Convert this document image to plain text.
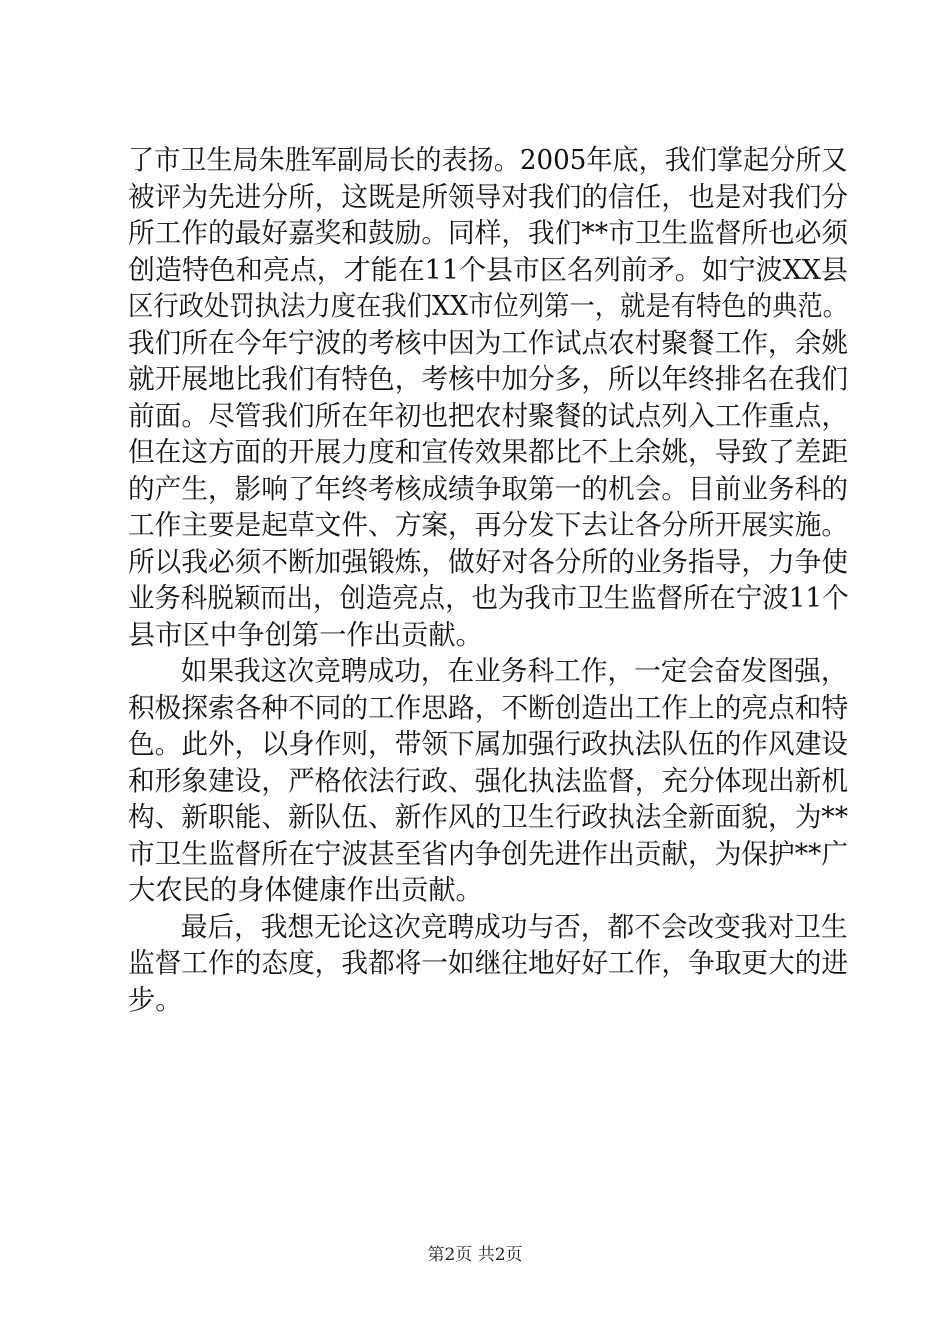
了市卫生局朱胜军副局长的表扬。2005年底，我们掌起分所又
被评为先进分所，这既是所领导对我们的信任，也是对我们分
所工作的最好嘉奖和鼓励。同样，我们**市卫生监督所也必须
创造特色和亮点，才能在11个县市区名列前矛。如宁波XX县
区行政处罚执法力度在我们XX市位列第一，就是有特色的典范。
我们所在今年宁波的考核中因为工作试点农村聚餐工作，余姚
就开展地比我们有特色，考核中加分多，所以年终排名在我们
前面。尽管我们所在年初也把农村聚餐的试点列入工作重点，
但在这方面的开展力度和宣传效果都比不上余姚，导致了差距
的产生，影响了年终考核成绩争取第一的机会。目前业务科的
工作主要是起草文件、方案，再分发下去让各分所开展实施。
所以我必须不断加强锻炼，做好对各分所的业务指导，力争使
业务科脱颖而出，创造亮点，也为我市卫生监督所在宁波11个
县市区中争创第一作出贡献。
如果我这次竞聘成功，在业务科工作，一定会奋发图强，
积极探索各种不同的工作思路，不断创造出工作上的亮点和特
色。此外，以身作则，带领下属加强行政执法队伍的作风建设
和形象建设，严格依法行政、强化执法监督，充分体现出新机
构、新职能、新队伍、新作风的卫生行政执法全新面貌，为**
市卫生监督所在宁波甚至省内争创先进作出贡献，为保护**广
大农民的身体健康作出贡献。
最后，我想无论这次竞聘成功与否，都不会改变我对卫生
监督工作的态度，我都将一如继往地好好工作，争取更大的进
步。
第2页 共2页
